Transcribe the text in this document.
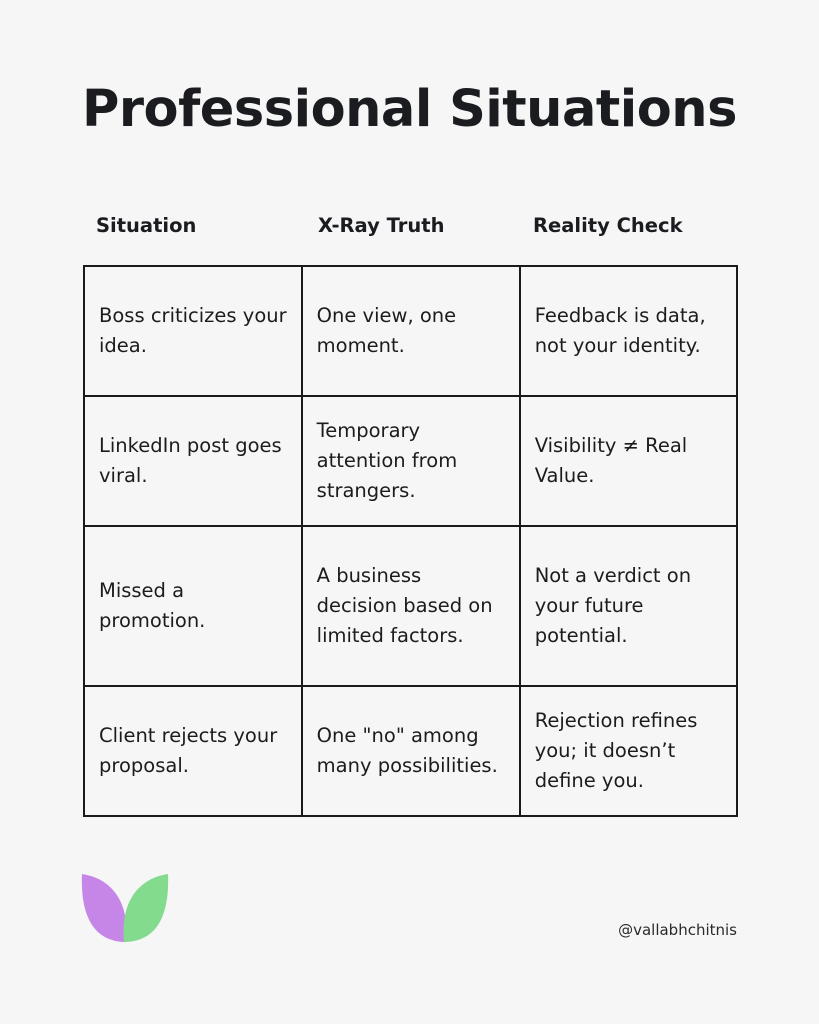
Professional Situations
Situation	X-Ray Truth	Reality Check
Boss criticizes your idea.	One view, one moment.	Feedback is data, not your identity.
LinkedIn post goes viral.	Temporary attention from strangers.	Visibility ≠ Real Value.
Missed a promotion.	A business decision based on limited factors.	Not a verdict on your future potential.
Client rejects your proposal.	One "no" among many possibilities.	Rejection refines you; it doesn’t define you.
@vallabhchitnis
